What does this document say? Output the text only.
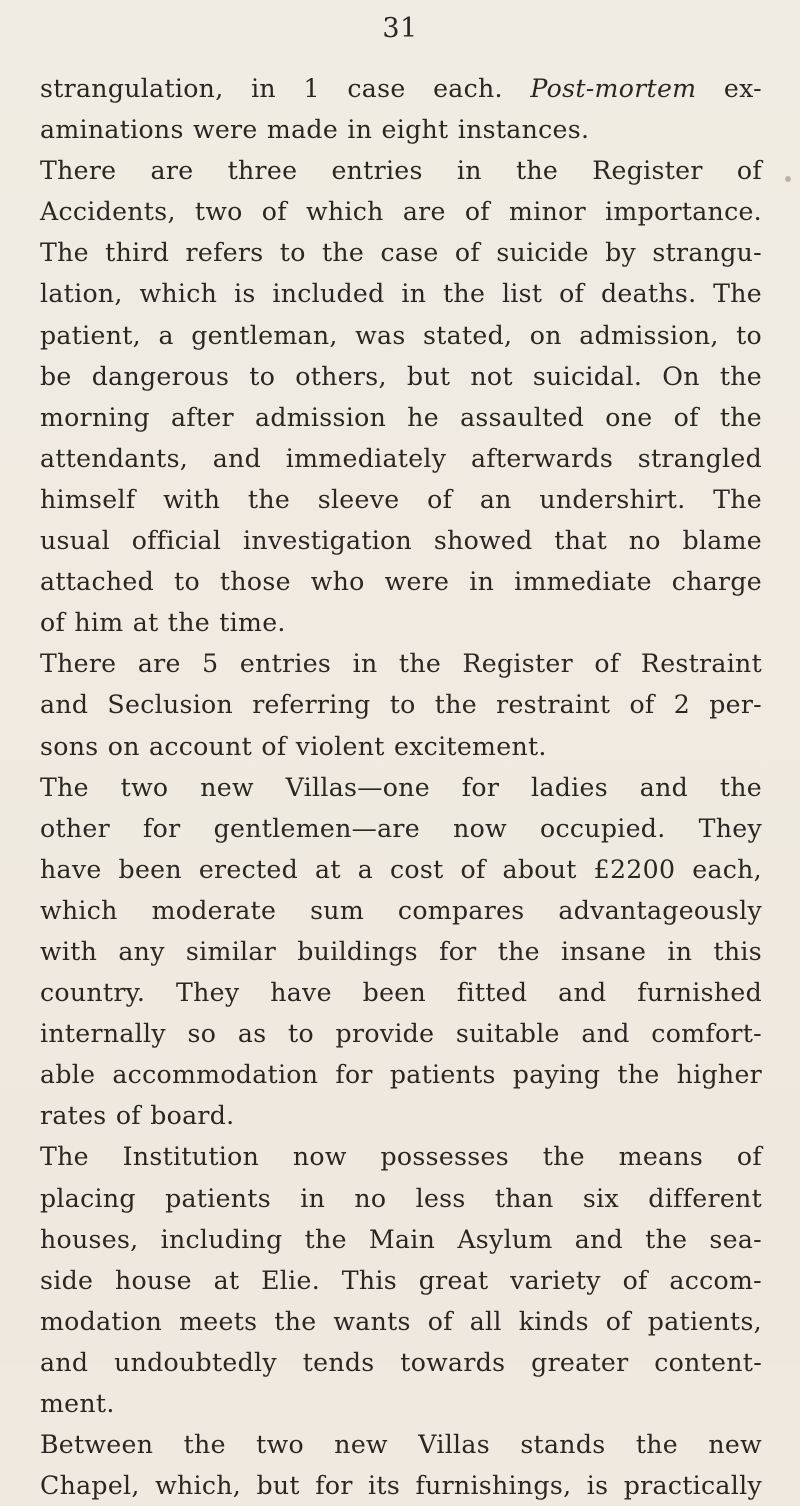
31
strangulation, in 1 case each. Post-mortem ex-
aminations were made in eight instances.
There are three entries in the Register of
Accidents, two of which are of minor importance.
The third refers to the case of suicide by strangu-
lation, which is included in the list of deaths. The
patient, a gentleman, was stated, on admission, to
be dangerous to others, but not suicidal. On the
morning after admission he assaulted one of the
attendants, and immediately afterwards strangled
himself with the sleeve of an undershirt. The
usual official investigation showed that no blame
attached to those who were in immediate charge
of him at the time.
There are 5 entries in the Register of Restraint
and Seclusion referring to the restraint of 2 per-
sons on account of violent excitement.
The two new Villas—one for ladies and the
other for gentlemen—are now occupied. They
have been erected at a cost of about £2200 each,
which moderate sum compares advantageously
with any similar buildings for the insane in this
country. They have been fitted and furnished
internally so as to provide suitable and comfort-
able accommodation for patients paying the higher
rates of board.
The Institution now possesses the means of
placing patients in no less than six different
houses, including the Main Asylum and the sea-
side house at Elie. This great variety of accom-
modation meets the wants of all kinds of patients,
and undoubtedly tends towards greater content-
ment.
Between the two new Villas stands the new
Chapel, which, but for its furnishings, is practically
